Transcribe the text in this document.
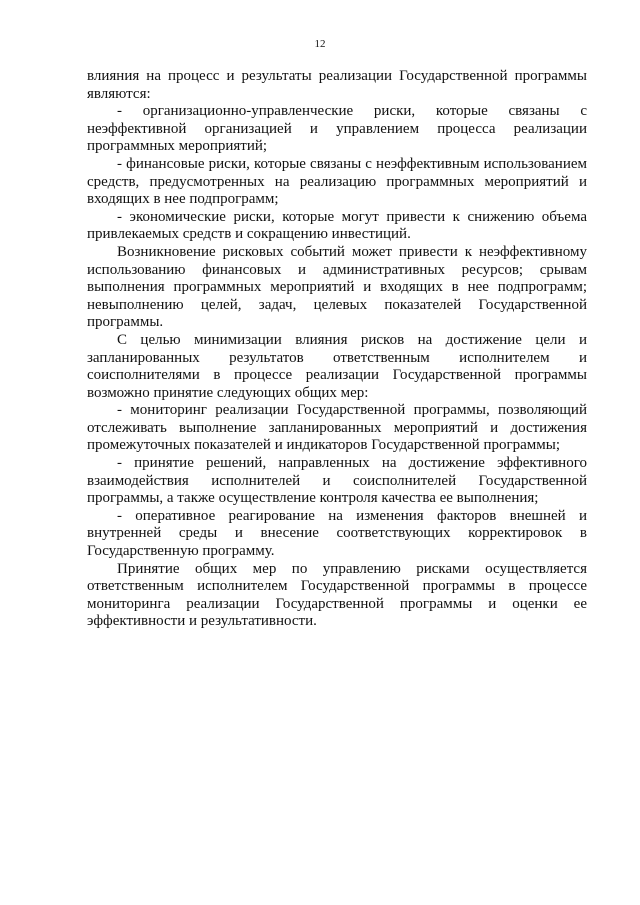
12

влияния на процесс и результаты реализации Государственной программы являются:

- организационно-управленческие риски, которые связаны с неэффективной организацией и управлением процесса реализации программных мероприятий;

- финансовые риски, которые связаны с неэффективным использованием средств, предусмотренных на реализацию программных мероприятий и входящих в нее подпрограмм;

- экономические риски, которые могут привести к снижению объема привлекаемых средств и сокращению инвестиций.

Возникновение рисковых событий может привести к неэффективному использованию финансовых и административных ресурсов; срывам выполнения программных мероприятий и входящих в нее подпрограмм; невыполнению целей, задач, целевых показателей Государственной программы.

С целью минимизации влияния рисков на достижение цели и запланированных результатов ответственным исполнителем и соисполнителями в процессе реализации Государственной программы возможно принятие следующих общих мер:

- мониторинг реализации Государственной программы, позволяющий отслеживать выполнение запланированных мероприятий и достижения промежуточных показателей и индикаторов Государственной программы;

- принятие решений, направленных на достижение эффективного взаимодействия исполнителей и соисполнителей Государственной программы, а также осуществление контроля качества ее выполнения;

- оперативное реагирование на изменения факторов внешней и внутренней среды и внесение соответствующих корректировок в Государственную программу.

Принятие общих мер по управлению рисками осуществляется ответственным исполнителем Государственной программы в процессе мониторинга реализации Государственной программы и оценки ее эффективности и результативности.
